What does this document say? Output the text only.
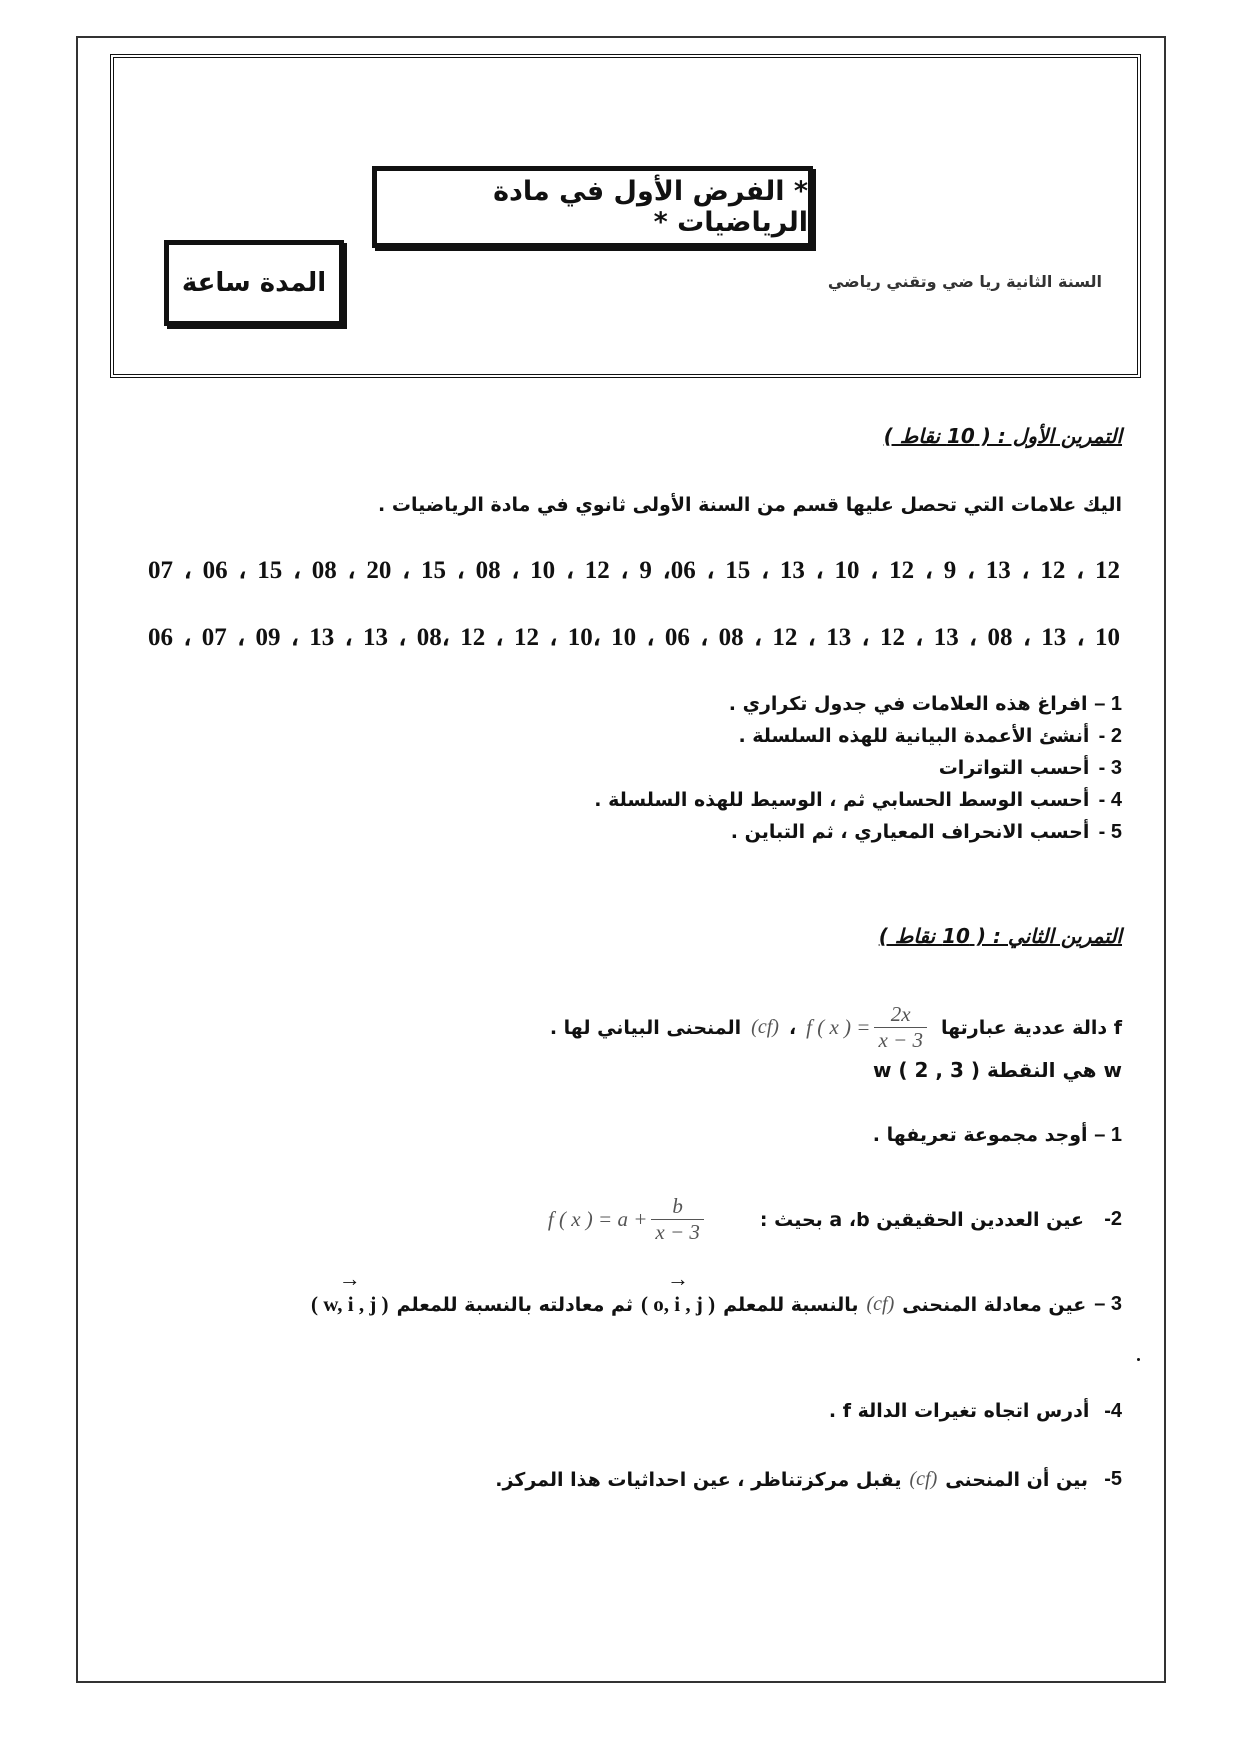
* الفرض الأول في مادة الرياضيات *
المدة ساعة	السنة الثانية ريا ضي وتقني رياضي
التمرين الأول : ( 10 نقاط )
اليك علامات التي تحصل عليها قسم من السنة الأولى ثانوي في مادة الرياضيات .
07 ، 06 ، 15 ، 08 ، 20 ، 15 ، 08 ، 10 ، 12 ، 9 ،06 ، 15 ، 13 ، 10 ، 12 ، 9 ، 13 ، 12 ، 12
06 ، 07 ، 09 ، 13 ، 13 ، 08، 12 ، 12 ، 10، 10 ، 06 ، 08 ، 12 ، 13 ، 12 ، 13 ، 08 ، 13 ، 10
1 – افراغ هذه العلامات في جدول تكراري .
2 - أنشئ الأعمدة البيانية للهذه السلسلة .
3 - أحسب التواترات
4 - أحسب الوسط الحسابي ثم ، الوسيط للهذه السلسلة .
5 - أحسب الانحراف المعياري ، ثم التباين .
التمرين الثاني : ( 10 نقاط )
f دالة عددية عبارتها
f ( x ) = $\frac{2x}{x - 3}$
،
(cf)
المنحنى البياني لها .
w هي النقطة ( 3 , 2 ) w
1 – أوجد مجموعة تعريفها .
2-
عين العددين الحقيقين a ،b بحيث :
f ( x ) = $a + \frac{b}{x - 3}$
3 –
عين معادلة المنحنى
(cf)
بالنسبة للمعلم
→ ( o, i , j )
ثم معادلته بالنسبة للمعلم
→ ( w, i , j )
4- أدرس اتجاه تغيرات الدالة f .
5-
بين أن المنحنى
(cf)
يقبل مركزتناظر ، عين احداثيات هذا المركز.
